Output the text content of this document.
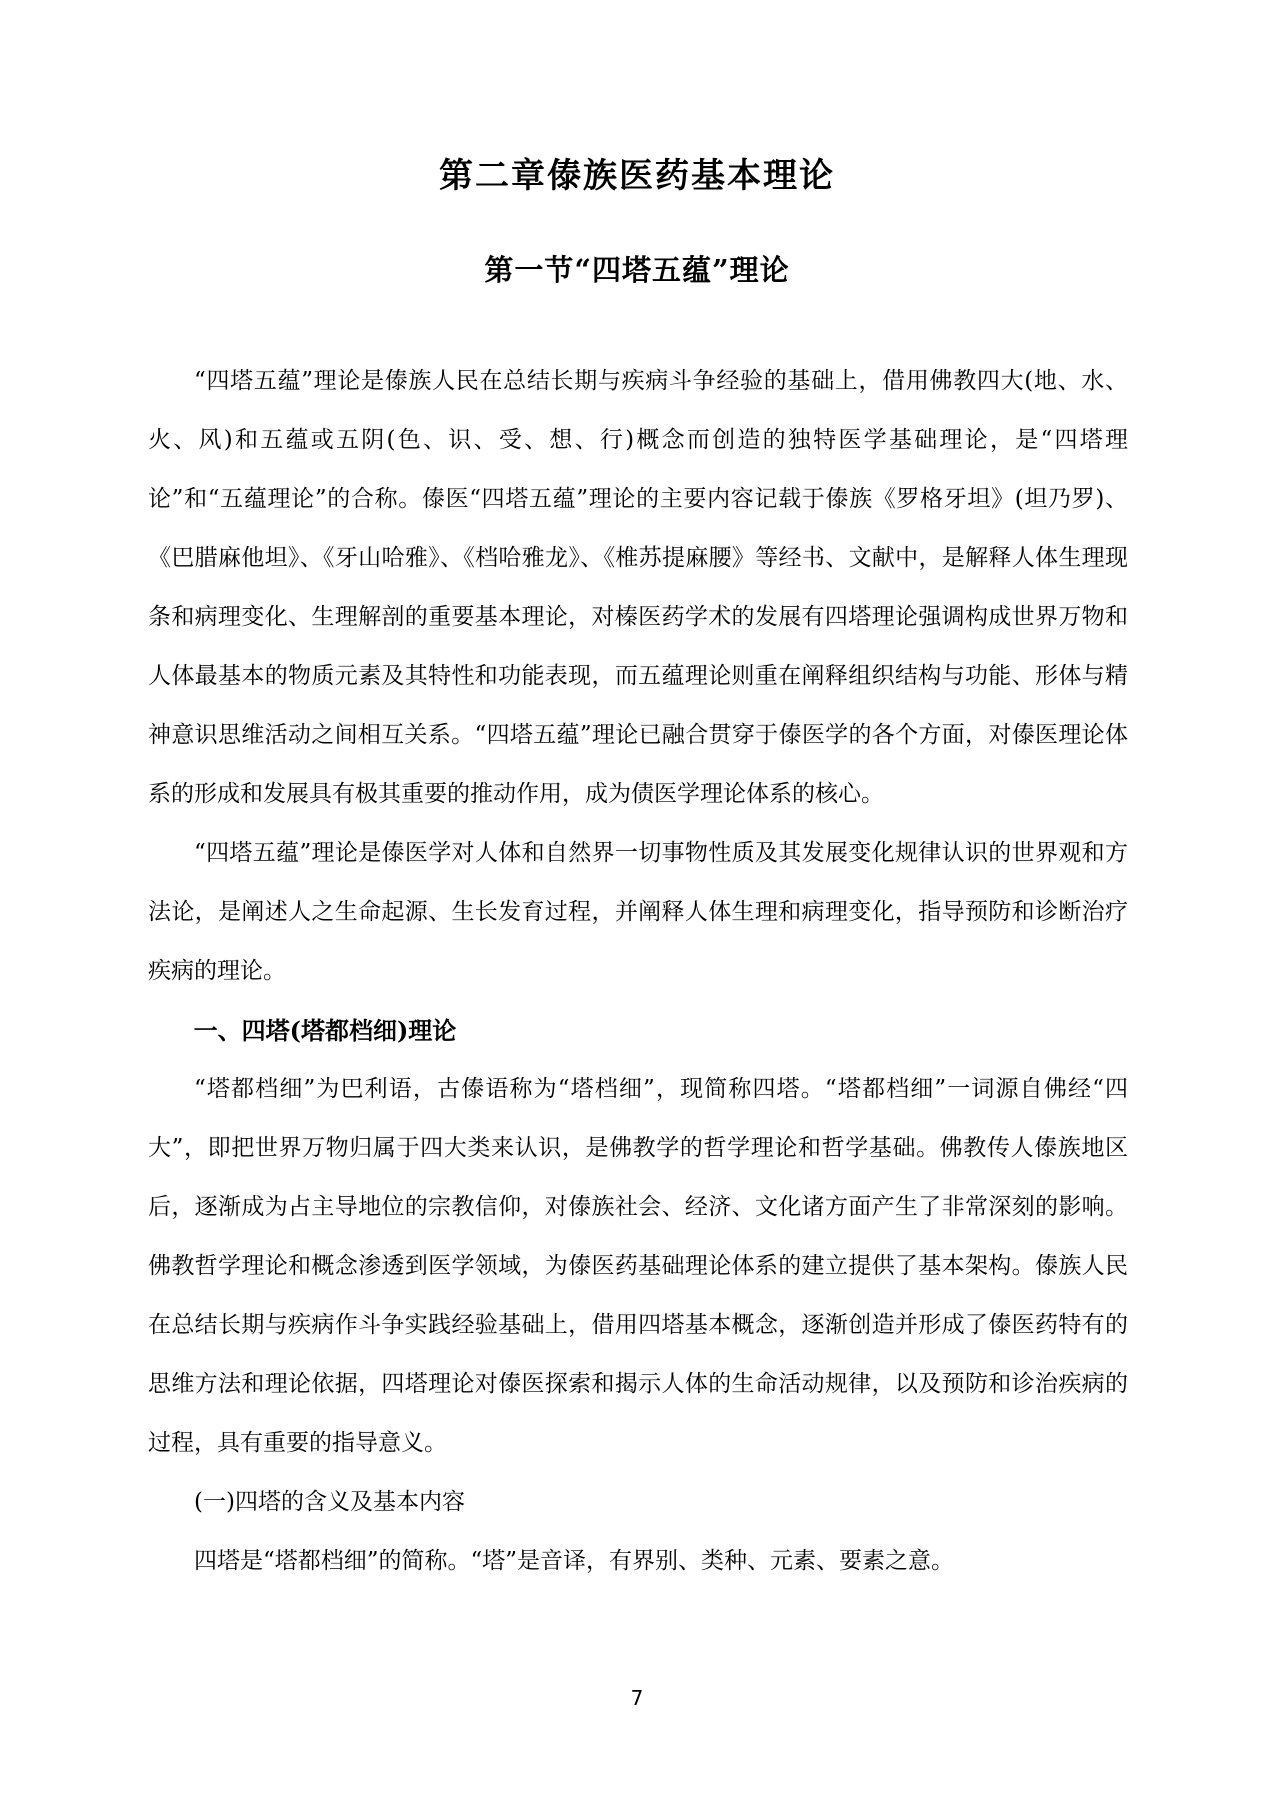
第二章傣族医药基本理论
第一节“四塔五蕴”理论

“四塔五蕴”理论是傣族人民在总结长期与疾病斗争经验的基础上，借用佛教四大(地、水、火、风)和五蕴或五阴(色、识、受、想、行)概念而创造的独特医学基础理论，是“四塔理论”和“五蕴理论”的合称。傣医“四塔五蕴”理论的主要内容记载于傣族《罗格牙坦》(坦乃罗)、《巴腊麻他坦》、《牙山哈雅》、《档哈雅龙》、《椎苏提麻腰》等经书、文献中，是解释人体生理现条和病理变化、生理解剖的重要基本理论，对榛医药学术的发展有四塔理论强调构成世界万物和人体最基本的物质元素及其特性和功能表现，而五蕴理论则重在阐释组织结构与功能、形体与精神意识思维活动之间相互关系。“四塔五蕴”理论已融合贯穿于傣医学的各个方面，对傣医理论体系的形成和发展具有极其重要的推动作用，成为债医学理论体系的核心。

“四塔五蕴”理论是傣医学对人体和自然界一切事物性质及其发展变化规律认识的世界观和方法论，是阐述人之生命起源、生长发育过程，并阐释人体生理和病理变化，指导预防和诊断治疗疾病的理论。

一、四塔(塔都档细)理论

“塔都档细”为巴利语，古傣语称为“塔档细”，现简称四塔。“塔都档细”一词源自佛经“四大”，即把世界万物归属于四大类来认识，是佛教学的哲学理论和哲学基础。佛教传人傣族地区后，逐渐成为占主导地位的宗教信仰，对傣族社会、经济、文化诸方面产生了非常深刻的影响。佛教哲学理论和概念渗透到医学领域，为傣医药基础理论体系的建立提供了基本架构。傣族人民在总结长期与疾病作斗争实践经验基础上，借用四塔基本概念，逐渐创造并形成了傣医药特有的思维方法和理论依据，四塔理论对傣医探索和揭示人体的生命活动规律，以及预防和诊治疾病的过程，具有重要的指导意义。

(一)四塔的含义及基本内容

四塔是“塔都档细”的简称。“塔”是音译，有界别、类种、元素、要素之意。

7
